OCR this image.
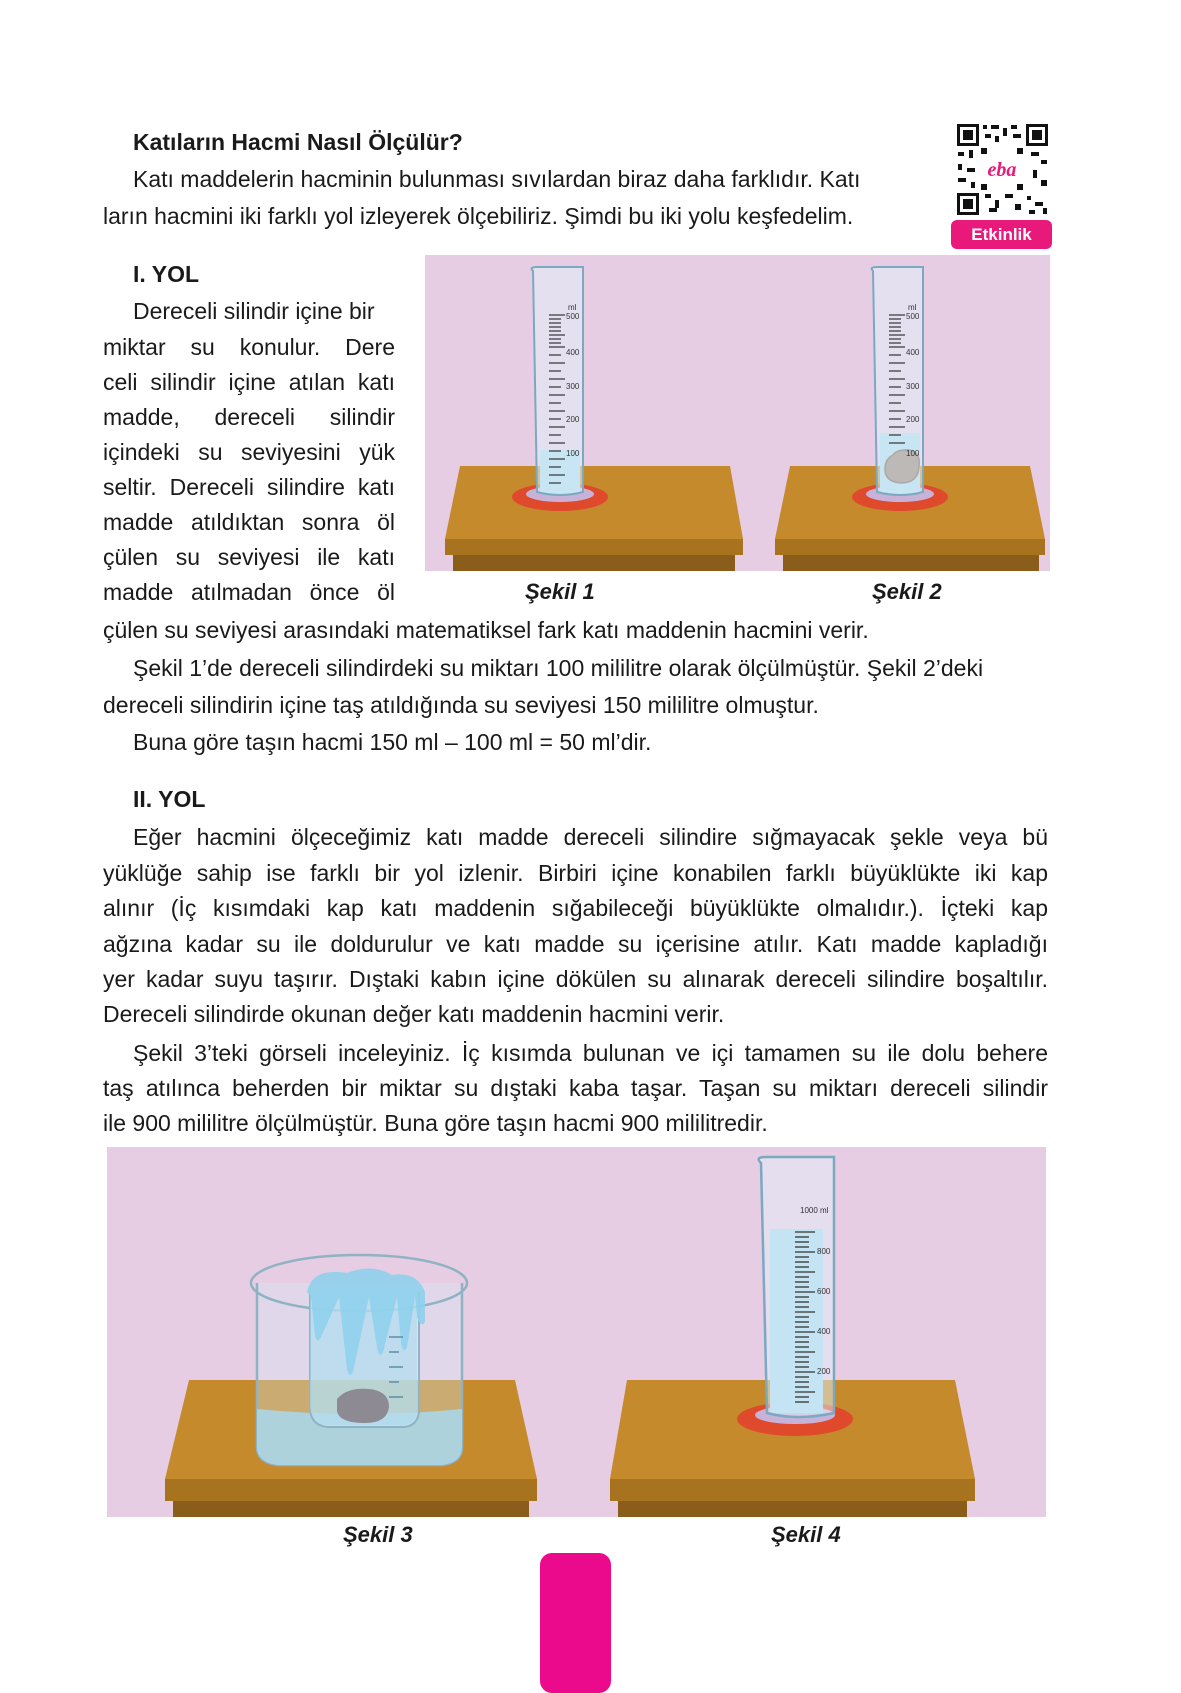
Katıların Hacmi Nasıl Ölçülür?
Katı maddelerin hacminin bulunması sıvılardan biraz daha farklıdır. Katı
ların hacmini iki farklı yol izleyerek ölçebiliriz. Şimdi bu iki yolu keşfedelim.
eba
Etkinlik
I. YOL
Dereceli silindir içine bir
miktar su konulur. Dere
celi silindir içine atılan katı
madde, dereceli silindir
içindeki su seviyesini yük
seltir. Dereceli silindire katı
madde atıldıktan sonra öl
çülen su seviyesi ile katı
madde atılmadan önce öl
ml
500
400
300
200
100
ml
500
400
300
200
100
Şekil 1	Şekil 2
çülen su seviyesi arasındaki matematiksel fark katı maddenin hacmini verir.
Şekil 1’de dereceli silindirdeki su miktarı 100 mililitre olarak ölçülmüştür. Şekil 2’deki
dereceli silindirin içine taş atıldığında su seviyesi 150 mililitre olmuştur.
Buna göre taşın hacmi 150 ml – 100 ml = 50 ml’dir.
II. YOL
Eğer hacmini ölçeceğimiz katı madde dereceli silindire sığmayacak şekle veya bü
yüklüğe sahip ise farklı bir yol izlenir. Birbiri içine konabilen farklı büyüklükte iki kap
alınır (İç kısımdaki kap katı maddenin sığabileceği büyüklükte olmalıdır.). İçteki kap
ağzına kadar su ile doldurulur ve katı madde su içerisine atılır. Katı madde kapladığı
yer kadar suyu taşırır. Dıştaki kabın içine dökülen su alınarak dereceli silindire boşaltılır.
Dereceli silindirde okunan değer katı maddenin hacmini verir.
Şekil 3’teki görseli inceleyiniz. İç kısımda bulunan ve içi tamamen su ile dolu behere
taş atılınca beherden bir miktar su dıştaki kaba taşar. Taşan su miktarı dereceli silindir
ile 900 mililitre ölçülmüştür. Buna göre taşın hacmi 900 mililitredir.
1000 ml
800
600
400
200
Şekil 3	Şekil 4
